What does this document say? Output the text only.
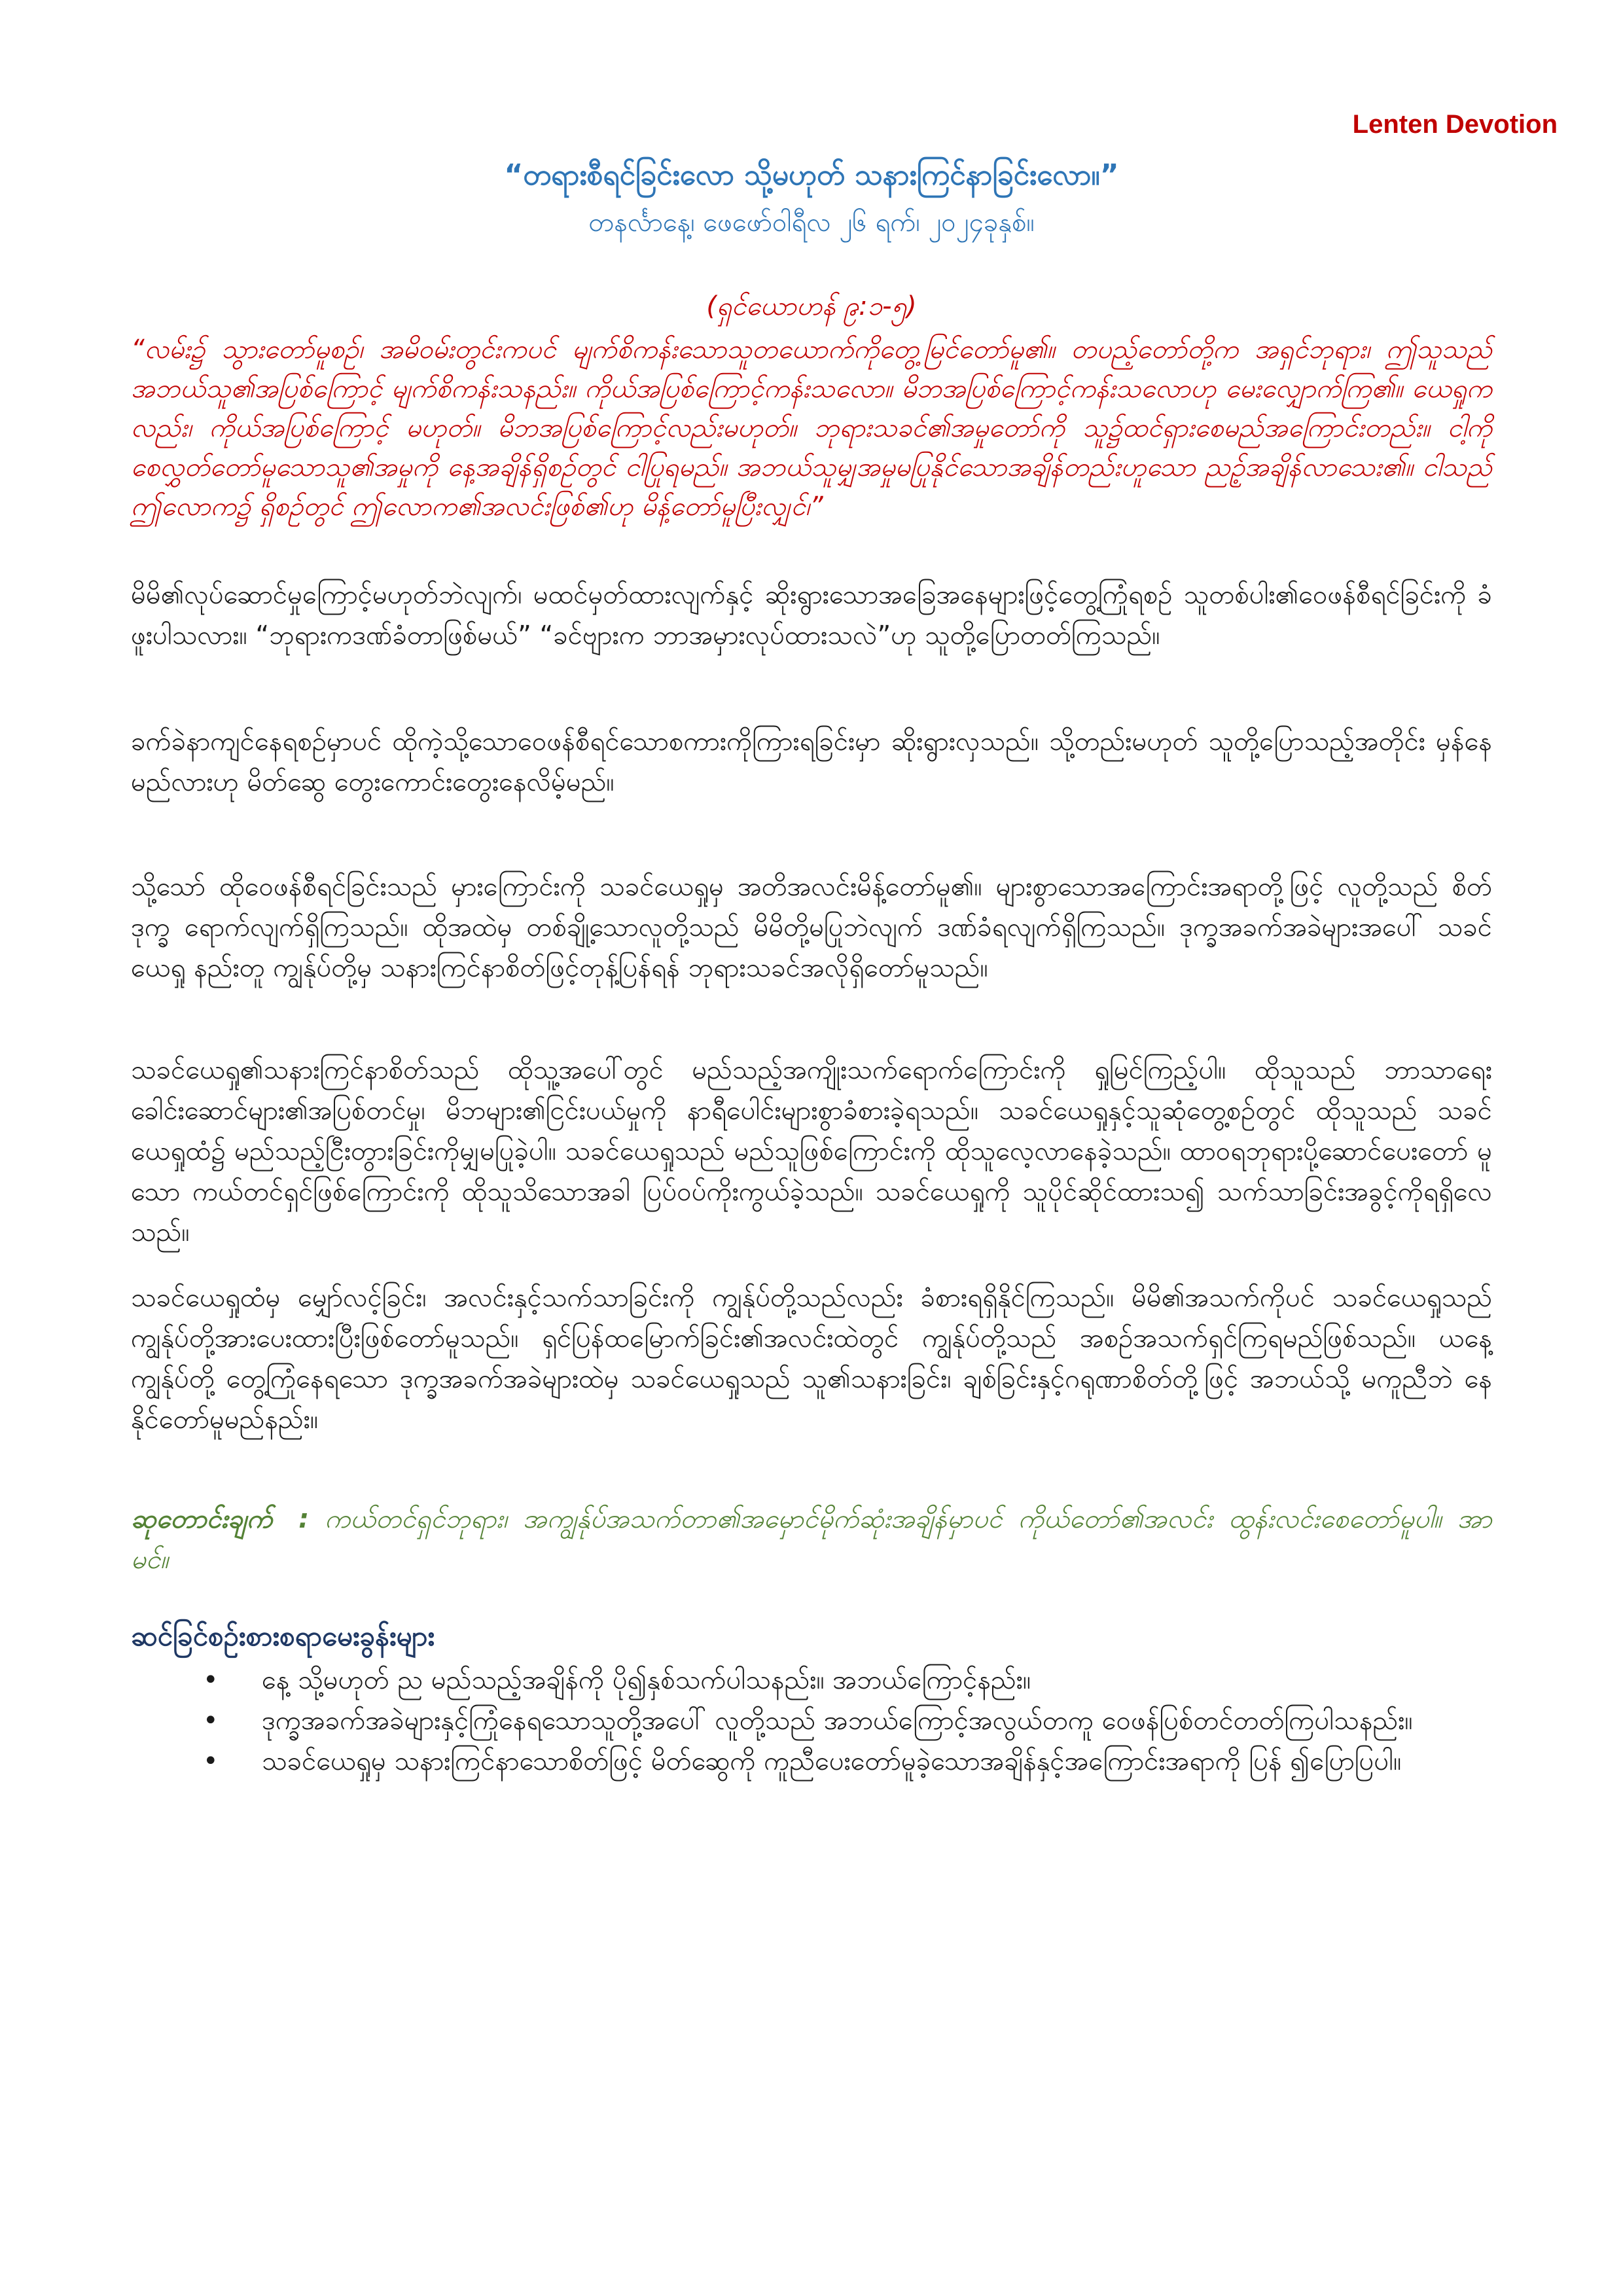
Lenten Devotion
“တရားစီရင်ခြင်းလော သို့မဟုတ် သနားကြင်နာခြင်းလော။”
တနင်္လာနေ့၊ ဖေဖော်ဝါရီလ ၂၆ ရက်၊ ၂၀၂၄ခုနှစ်။
(ရှင်ယောဟန် ၉:၁-၅)

“လမ်း၌ သွားတော်မူစဉ်၊ အမိဝမ်းတွင်းကပင် မျက်စိကန်းသောသူတယောက်ကိုတွေ့မြင်တော်မူ၏။ တပည့်တော်တို့က အရှင်ဘုရား၊ ဤသူသည် အဘယ်သူ၏အပြစ်ကြောင့် မျက်စိကန်းသနည်း။ ကိုယ်အပြစ်ကြောင့်ကန်းသလော။ မိဘအပြစ်ကြောင့်ကန်းသလောဟု မေးလျှောက်ကြ၏။ ယေရှုကလည်း၊ ကိုယ်အပြစ်ကြောင့် မဟုတ်။ မိဘအပြစ်ကြောင့်လည်းမဟုတ်။ ဘုရားသခင်၏အမှုတော်ကို သူ၌ထင်ရှားစေမည်အကြောင်းတည်း။ ငါ့ကို စေလွှတ်တော်မူသောသူ၏အမှုကို နေ့အချိန်ရှိစဉ်တွင် ငါပြုရမည်။ အဘယ်သူမျှအမှုမပြုနိုင်သောအချိန်တည်းဟူသော ညဉ့်အချိန်လာသေး၏။ ငါသည် ဤလောက၌ ရှိစဉ်တွင် ဤလောက၏အလင်းဖြစ်၏ဟု မိန့်တော်မူပြီးလျှင်၊”

မိမိ၏လုပ်ဆောင်မှုကြောင့်မဟုတ်ဘဲလျက်၊ မထင်မှတ်ထားလျက်နှင့် ဆိုးရွားသောအခြေအနေများဖြင့်တွေ့ကြုံရစဉ် သူတစ်ပါး၏ဝေဖန်စီရင်ခြင်းကို ခံဖူးပါသလား။ “ဘုရားကဒဏ်ခံတာဖြစ်မယ်” “ခင်ဗျားက ဘာအမှားလုပ်ထားသလဲ”ဟု သူတို့ပြောတတ်ကြသည်။

ခက်ခဲနာကျင်နေရစဉ်မှာပင် ထိုကဲ့သို့သောဝေဖန်စီရင်သောစကားကိုကြားရခြင်းမှာ ဆိုးရွားလှသည်။ သို့တည်းမဟုတ် သူတို့ပြောသည့်အတိုင်း မှန်နေမည်လားဟု မိတ်ဆွေ တွေးကောင်းတွေးနေလိမ့်မည်။

သို့သော် ထိုဝေဖန်စီရင်ခြင်းသည် မှားကြောင်းကို သခင်ယေရှုမှ အတိအလင်းမိန့်တော်မူ၏။ များစွာသောအကြောင်းအရာတို့ဖြင့် လူတို့သည် စိတ်ဒုက္ခ ရောက်လျက်ရှိကြသည်။ ထိုအထဲမှ တစ်ချို့သောလူတို့သည် မိမိတို့မပြုဘဲလျက် ဒဏ်ခံရလျက်ရှိကြသည်။ ဒုက္ခအခက်အခဲများအပေါ် သခင်ယေရှု နည်းတူ ကျွန်ုပ်တို့မှ သနားကြင်နာစိတ်ဖြင့်တုန့်ပြန်ရန် ဘုရားသခင်အလိုရှိတော်မူသည်။

သခင်ယေရှု၏သနားကြင်နာစိတ်သည် ထိုသူ့အပေါ်တွင် မည်သည့်အကျိုးသက်ရောက်ကြောင်းကို ရှုမြင်ကြည့်ပါ။ ထိုသူသည် ဘာသာရေး ခေါင်းဆောင်များ၏အပြစ်တင်မှု၊ မိဘများ၏ငြင်းပယ်မှုကို နာရီပေါင်းများစွာခံစားခဲ့ရသည်။ သခင်ယေရှုနှင့်သူဆုံတွေ့စဉ်တွင် ထိုသူသည် သခင် ယေရှုထံ၌ မည်သည့်ငြီးတွားခြင်းကိုမျှမပြုခဲ့ပါ။ သခင်ယေရှုသည် မည်သူဖြစ်ကြောင်းကို ထိုသူလေ့လာနေခဲ့သည်။ ထာဝရဘုရားပို့ဆောင်ပေးတော် မူသော ကယ်တင်ရှင်ဖြစ်ကြောင်းကို ထိုသူသိသောအခါ ပြပ်ဝပ်ကိုးကွယ်ခဲ့သည်။ သခင်ယေရှုကို သူပိုင်ဆိုင်ထားသ၍ သက်သာခြင်းအခွင့်ကိုရရှိလေ သည်။

သခင်ယေရှုထံမှ မျှော်လင့်ခြင်း၊ အလင်းနှင့်သက်သာခြင်းကို ကျွန်ုပ်တို့သည်လည်း ခံစားရရှိနိုင်ကြသည်။ မိမိ၏အသက်ကိုပင် သခင်ယေရှုသည် ကျွန်ုပ်တို့အားပေးထားပြီးဖြစ်တော်မူသည်။ ရှင်ပြန်ထမြောက်ခြင်း၏အလင်းထဲတွင် ကျွန်ုပ်တို့သည် အစဉ်အသက်ရှင်ကြရမည်ဖြစ်သည်။ ယနေ့ ကျွန်ုပ်တို့ တွေ့ကြုံနေရသော ဒုက္ခအခက်အခဲများထဲမှ သခင်ယေရှုသည် သူ၏သနားခြင်း၊ ချစ်ခြင်းနှင့်ဂရုဏာစိတ်တို့ဖြင့် အဘယ်သို့ မကူညီဘဲ နေနိုင်တော်မူမည်နည်း။

ဆုတောင်းချက် : ကယ်တင်ရှင်ဘုရား၊ အကျွန်ုပ်အသက်တာ၏အမှောင်မိုက်ဆုံးအချိန်မှာပင် ကိုယ်တော်၏အလင်း ထွန်းလင်းစေတော်မူပါ။ အာမင်။

ဆင်ခြင်စဉ်းစားစရာမေးခွန်းများ
• နေ့ သို့မဟုတ် ည မည်သည့်အချိန်ကို ပို၍နှစ်သက်ပါသနည်း။ အဘယ်ကြောင့်နည်း။
• ဒုက္ခအခက်အခဲများနှင့်ကြုံနေရသောသူတို့အပေါ် လူတို့သည် အဘယ်ကြောင့်အလွယ်တကူ ဝေဖန်ပြစ်တင်တတ်ကြပါသနည်း။
• သခင်ယေရှုမှ သနားကြင်နာသောစိတ်ဖြင့် မိတ်ဆွေကို ကူညီပေးတော်မူခဲ့သောအချိန်နှင့်အကြောင်းအရာကို ပြန် ၍ပြောပြပါ။
